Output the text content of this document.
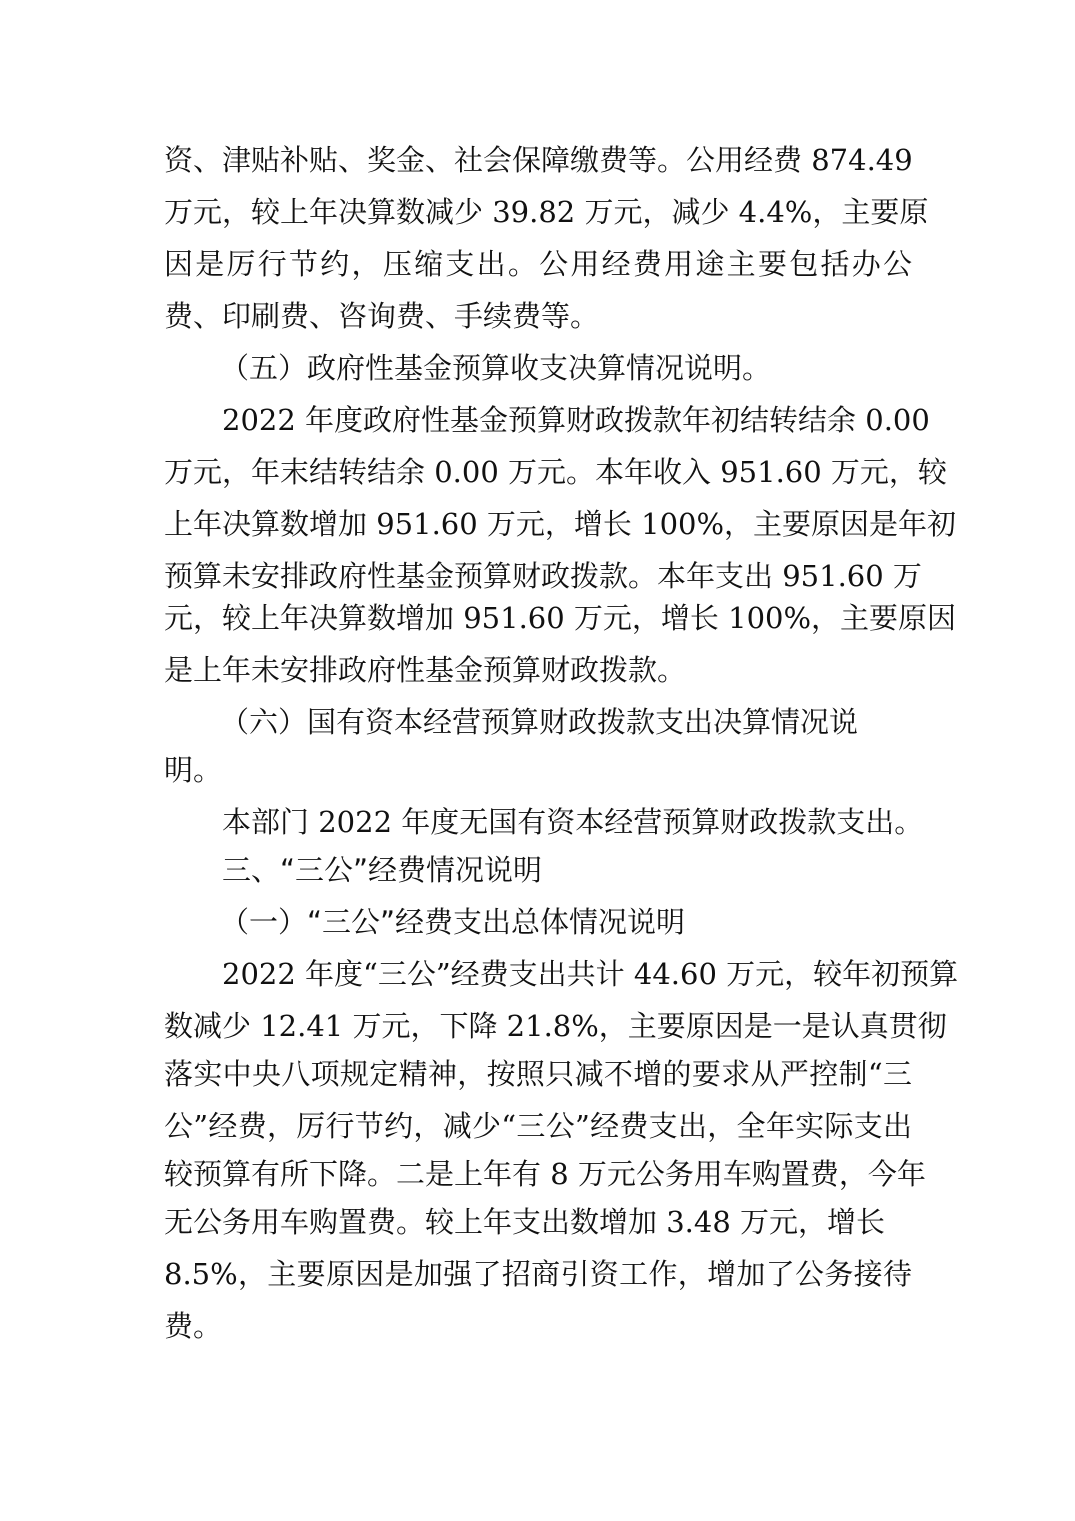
资、津贴补贴、奖金、社会保障缴费等。公用经费 874.49
万元，较上年决算数减少 39.82 万元，减少 4.4%，主要原
因是厉行节约，压缩支出。公用经费用途主要包括办公
费、印刷费、咨询费、手续费等。
（五）政府性基金预算收支决算情况说明。
2022 年度政府性基金预算财政拨款年初结转结余 0.00
万元，年末结转结余 0.00 万元。本年收入 951.60 万元，较
上年决算数增加 951.60 万元，增长 100%，主要原因是年初
预算未安排政府性基金预算财政拨款。本年支出 951.60 万
元，较上年决算数增加 951.60 万元，增长 100%，主要原因
是上年未安排政府性基金预算财政拨款。
（六）国有资本经营预算财政拨款支出决算情况说
明。
本部门 2022 年度无国有资本经营预算财政拨款支出。
三、“三公”经费情况说明
（一）“三公”经费支出总体情况说明
2022 年度“三公”经费支出共计 44.60 万元，较年初预算
数减少 12.41 万元，下降 21.8%，主要原因是一是认真贯彻
落实中央八项规定精神，按照只减不增的要求从严控制“三
公”经费，厉行节约，减少“三公”经费支出，全年实际支出
较预算有所下降。二是上年有 8 万元公务用车购置费，今年
无公务用车购置费。较上年支出数增加 3.48 万元，增长
8.5%，主要原因是加强了招商引资工作，增加了公务接待
费。
